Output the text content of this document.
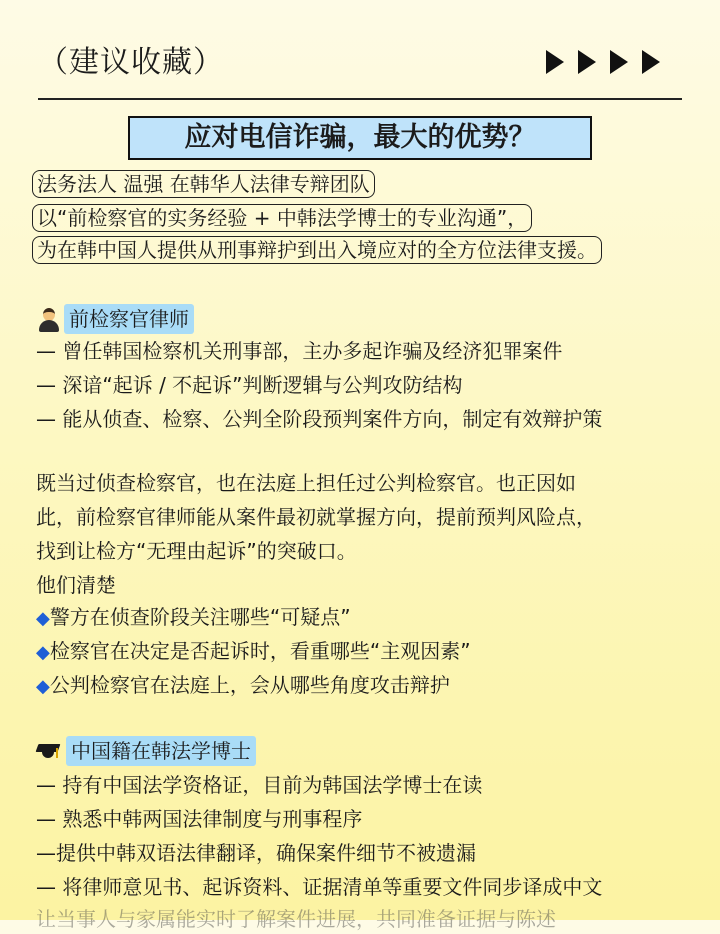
（建议收藏）
应对电信诈骗，最大的优势？
法务法人 温强 在韩华人法律专辩团队
以“前检察官的实务经验 + 中韩法学博士的专业沟通”，
为在韩中国人提供从刑事辩护到出入境应对的全方位法律支援。
前检察官律师
— 曾任韩国检察机关刑事部，主办多起诈骗及经济犯罪案件
— 深谙“起诉 / 不起诉”判断逻辑与公判攻防结构
— 能从侦查、检察、公判全阶段预判案件方向，制定有效辩护策
既当过侦查检察官，也在法庭上担任过公判检察官。也正因如
此，前检察官律师能从案件最初就掌握方向，提前预判风险点，
找到让检方“无理由起诉”的突破口。
他们清楚
◆警方在侦查阶段关注哪些“可疑点”
◆检察官在决定是否起诉时，看重哪些“主观因素”
◆公判检察官在法庭上，会从哪些角度攻击辩护
中国籍在韩法学博士
— 持有中国法学资格证，目前为韩国法学博士在读
— 熟悉中韩两国法律制度与刑事程序
—提供中韩双语法律翻译，确保案件细节不被遗漏
— 将律师意见书、起诉资料、证据清单等重要文件同步译成中文
让当事人与家属能实时了解案件进展，共同准备证据与陈述
